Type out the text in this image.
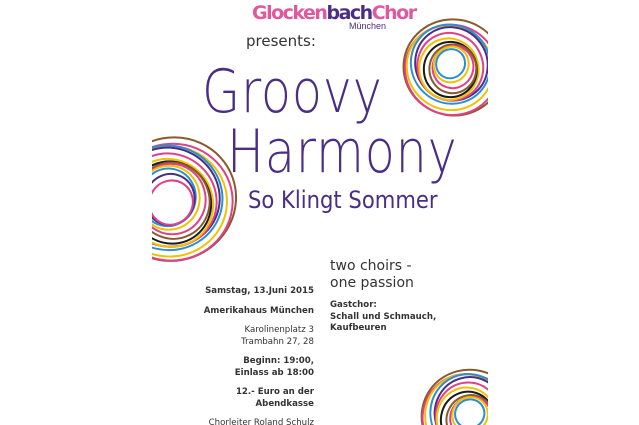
GlockenbachChor
München
presents:
Groovy
Harmony
So Klingt Sommer
Samstag, 13.Juni 2015
Amerikahaus München
Karolinenplatz 3
Trambahn 27, 28
Beginn: 19:00,
Einlass ab 18:00
12.- Euro an der Abendkasse
Chorleiter Roland Schulz
two choirs -
one passion
Gastchor:
Schall und Schmauch,
Kaufbeuren
